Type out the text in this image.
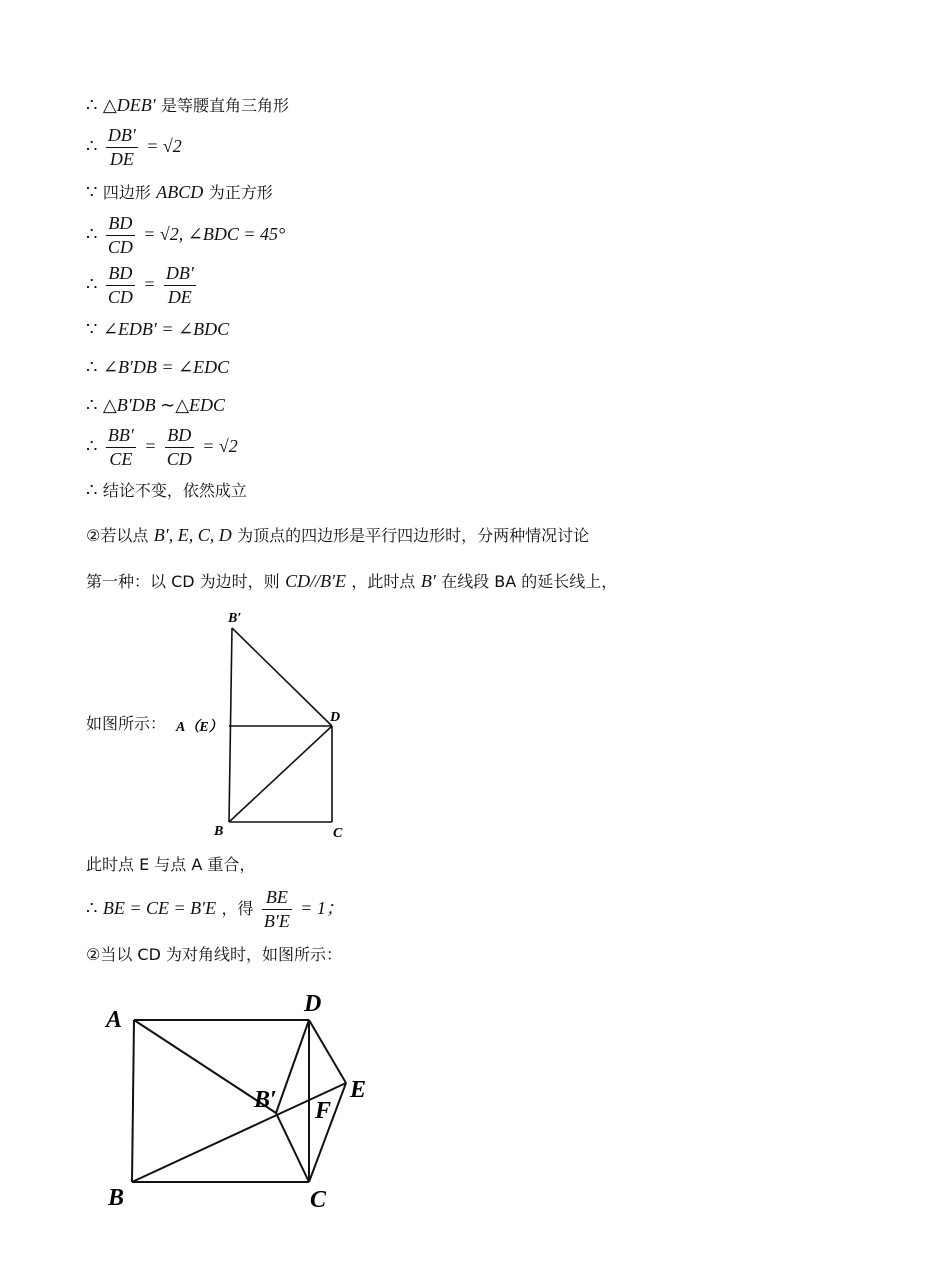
∴ △DEB′ 是等腰直角三角形
∴ $\frac{DB'}{DE} = √2$
∵ 四边形 ABCD 为正方形
∴ $\frac{BD}{CD} = √2$, ∠BDC = 45°
∴ $\frac{BD}{CD} = \frac{DB'}{DE}$
∵ ∠EDB′ = ∠BDC
∴ ∠B′DB = ∠EDC
∴ △B′DB ∼△EDC
∴ $\frac{BB'}{CE} = \frac{BD}{CD} = √2$
∴ 结论不变，依然成立
②若以点 B′, E, C, D 为顶点的四边形是平行四边形时，分两种情况讨论
第一种：以 CD 为边时，则 CD//B′E ，此时点 B′ 在线段 BA 的延长线上，
如图所示：
B′
A（E）
D
B	C
此时点 E 与点 A 重合，
∴ BE = CE = B′E ，得 $\frac{BE}{B'E} = 1$；
②当以 CD 为对角线时，如图所示：
A
D
E
B′ F
B	C
